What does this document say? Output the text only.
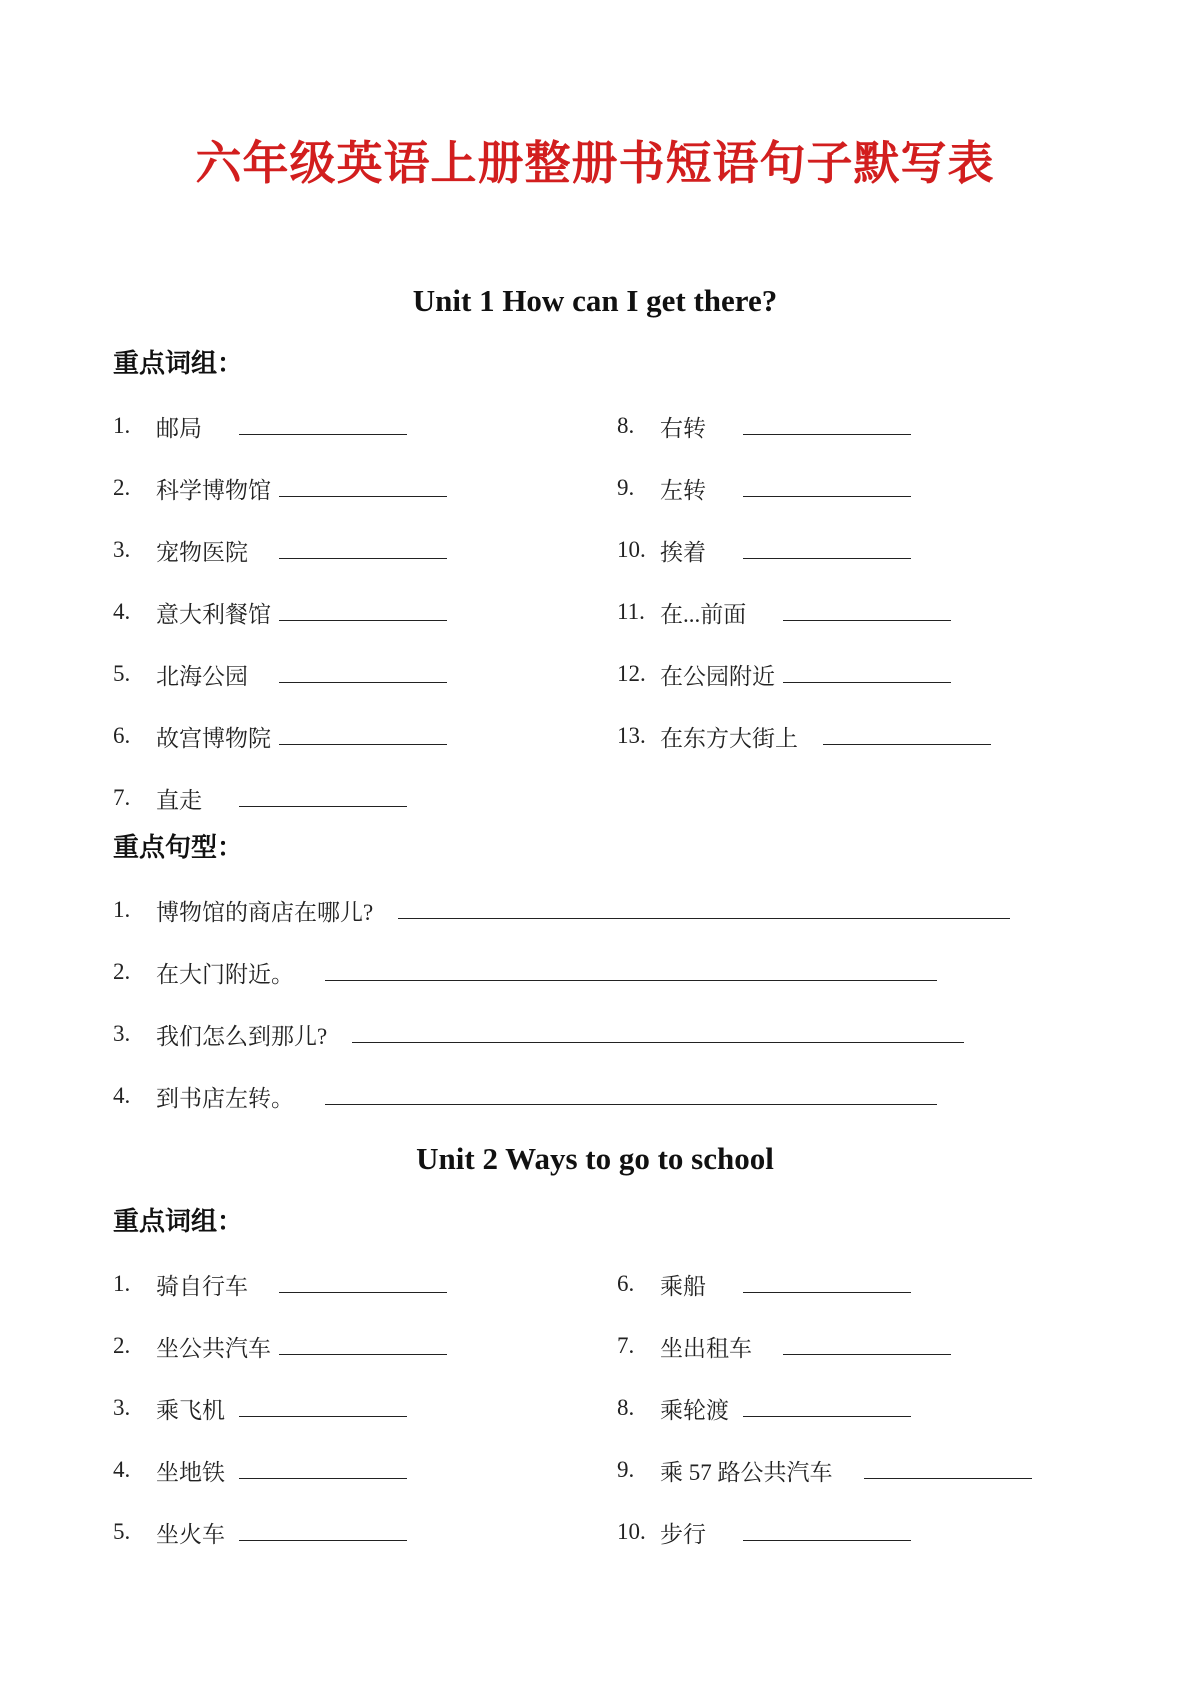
六年级英语上册整册书短语句子默写表
Unit 1 How can I get there?
重点词组：
1.	邮局
2.	科学博物馆
3.	宠物医院
4.	意大利餐馆
5.	北海公园
6.	故宫博物院
7.	直走
8.	右转
9.	左转
10. 挨着
11. 在...前面
12. 在公园附近
13. 在东方大街上
重点句型：
1.	博物馆的商店在哪儿?
2.	在大门附近。
3.	我们怎么到那儿?
4.	到书店左转。
Unit 2 Ways to go to school
重点词组：
1.	骑自行车
2.	坐公共汽车
3.	乘飞机
4.	坐地铁
5.	坐火车
6.	乘船
7.	坐出租车
8.	乘轮渡
9.	乘 57 路公共汽车
10. 步行
